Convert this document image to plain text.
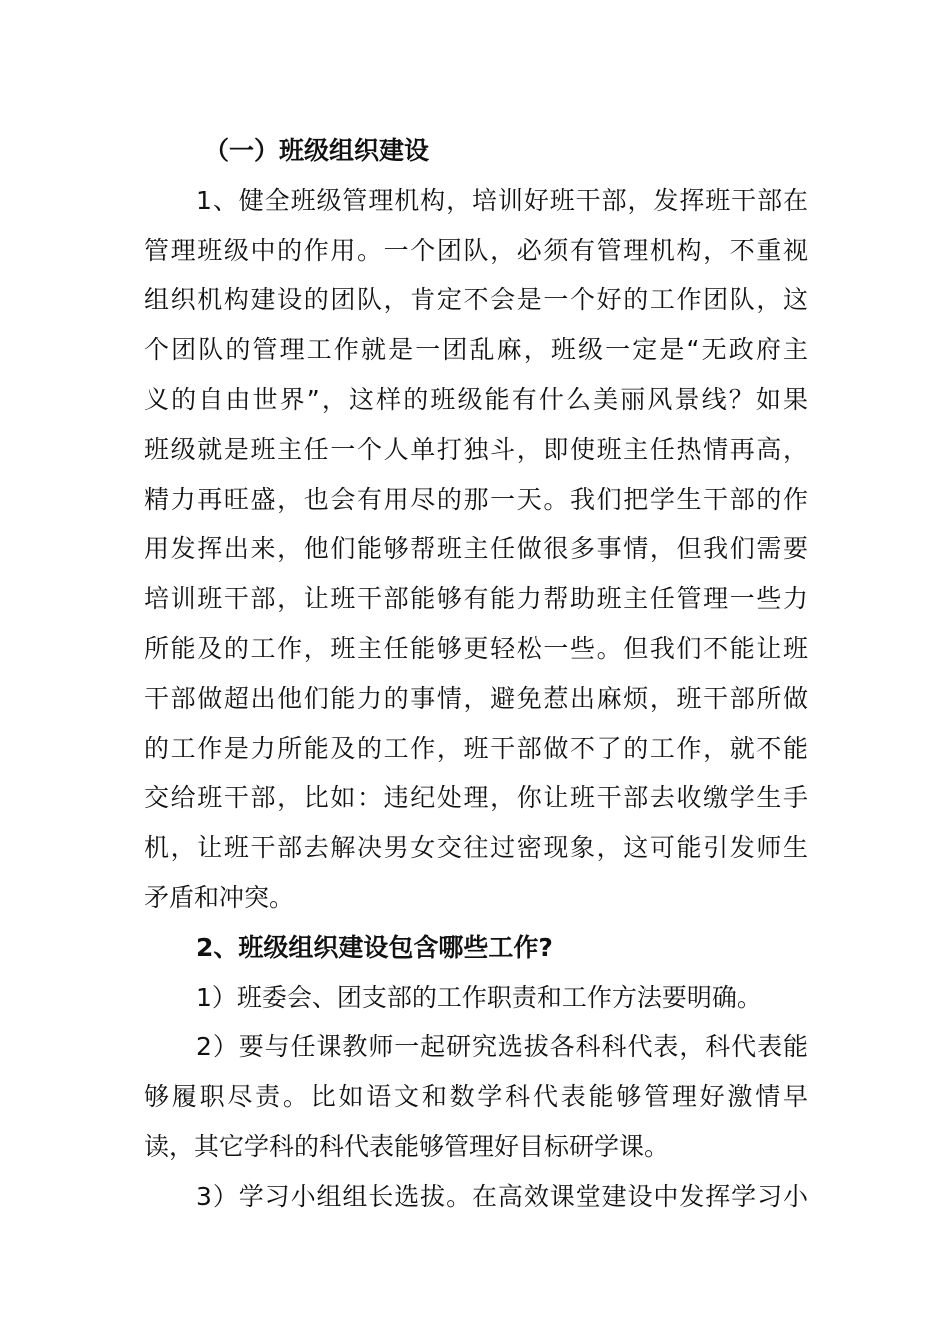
（一）班级组织建设
1、健全班级管理机构，培训好班干部，发挥班干部在
管理班级中的作用。一个团队，必须有管理机构，不重视
组织机构建设的团队，肯定不会是一个好的工作团队，这
个团队的管理工作就是一团乱麻，班级一定是“无政府主
义的自由世界”，这样的班级能有什么美丽风景线？如果
班级就是班主任一个人单打独斗，即使班主任热情再高，
精力再旺盛，也会有用尽的那一天。我们把学生干部的作
用发挥出来，他们能够帮班主任做很多事情，但我们需要
培训班干部，让班干部能够有能力帮助班主任管理一些力
所能及的工作，班主任能够更轻松一些。但我们不能让班
干部做超出他们能力的事情，避免惹出麻烦，班干部所做
的工作是力所能及的工作，班干部做不了的工作，就不能
交给班干部，比如：违纪处理，你让班干部去收缴学生手
机，让班干部去解决男女交往过密现象，这可能引发师生
矛盾和冲突。
2、班级组织建设包含哪些工作?
1）班委会、团支部的工作职责和工作方法要明确。
2）要与任课教师一起研究选拔各科科代表，科代表能
够履职尽责。比如语文和数学科代表能够管理好激情早
读，其它学科的科代表能够管理好目标研学课。
3）学习小组组长选拔。在高效课堂建设中发挥学习小
